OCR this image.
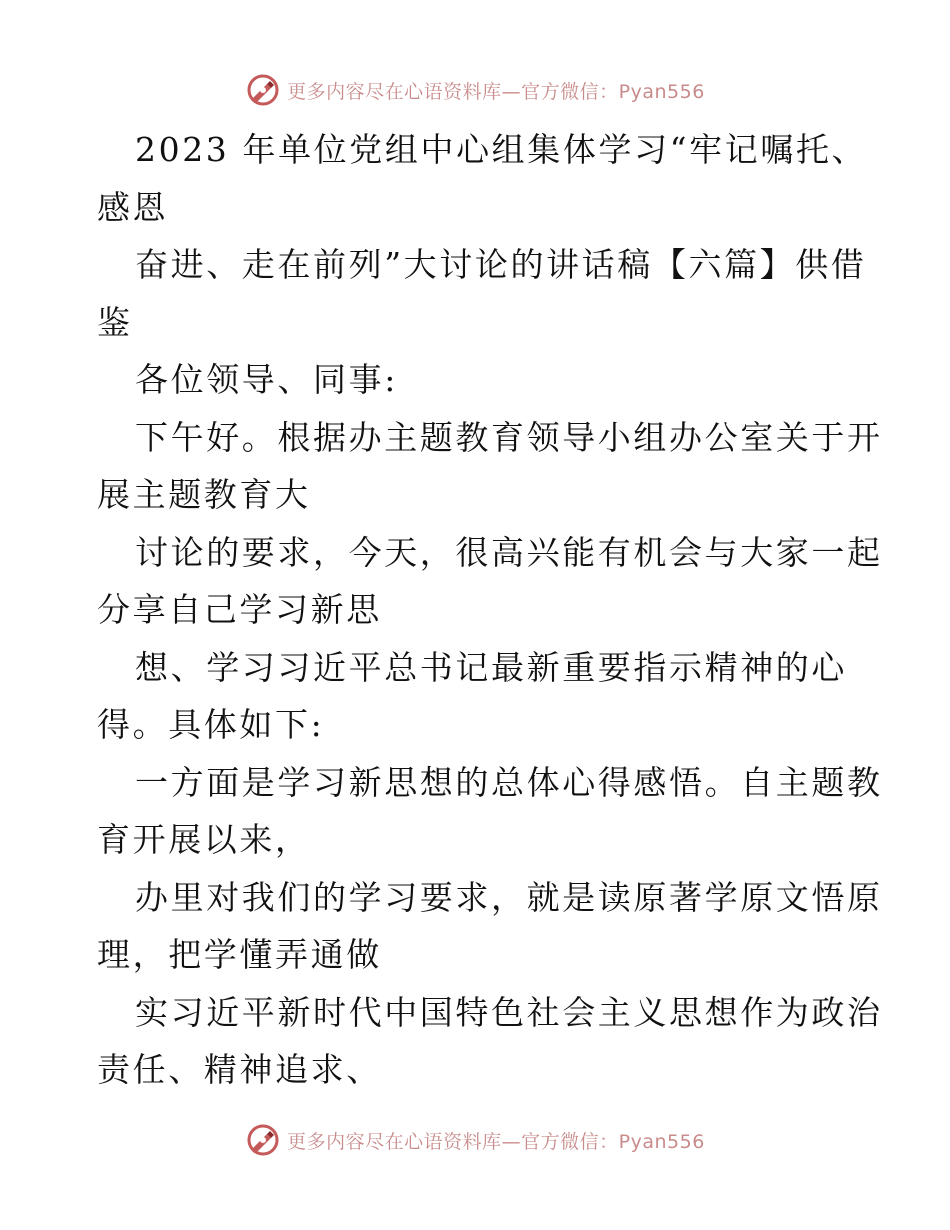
更多内容尽在心语资料库—官方微信：Pyan556
2023 年单位党组中心组集体学习“牢记嘱托、
感恩
奋进、走在前列”大讨论的讲话稿【六篇】供借
鉴
各位领导、同事:
下午好。根据办主题教育领导小组办公室关于开
展主题教育大
讨论的要求，今天，很高兴能有机会与大家一起
分享自己学习新思
想、学习习近平总书记最新重要指示精神的心
得。具体如下:
一方面是学习新思想的总体心得感悟。自主题教
育开展以来，
办里对我们的学习要求，就是读原著学原文悟原
理，把学懂弄通做
实习近平新时代中国特色社会主义思想作为政治
责任、精神追求、
更多内容尽在心语资料库—官方微信：Pyan556
